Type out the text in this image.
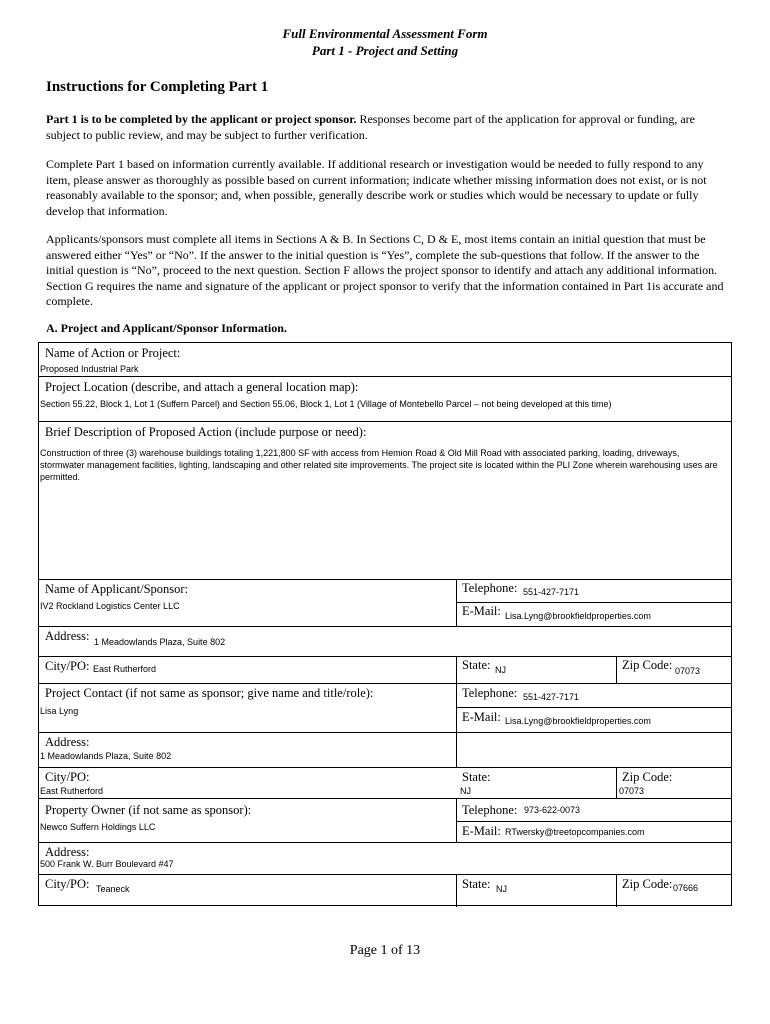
Full Environmental Assessment Form
Part 1 - Project and Setting
Instructions for Completing Part 1
Part 1 is to be completed by the applicant or project sponsor. Responses become part of the application for approval or funding, are subject to public review, and may be subject to further verification.
Complete Part 1 based on information currently available. If additional research or investigation would be needed to fully respond to any item, please answer as thoroughly as possible based on current information; indicate whether missing information does not exist, or is not reasonably available to the sponsor; and, when possible, generally describe work or studies which would be necessary to update or fully develop that information.
Applicants/sponsors must complete all items in Sections A & B. In Sections C, D & E, most items contain an initial question that must be answered either “Yes” or “No”. If the answer to the initial question is “Yes”, complete the sub-questions that follow. If the answer to the initial question is “No”, proceed to the next question. Section F allows the project sponsor to identify and attach any additional information. Section G requires the name and signature of the applicant or project sponsor to verify that the information contained in Part 1is accurate and complete.
A. Project and Applicant/Sponsor Information.
Name of Action or Project:
Proposed Industrial Park
Project Location (describe, and attach a general location map):
Section 55.22, Block 1, Lot 1 (Suffern Parcel) and Section 55.06, Block 1, Lot 1 (Village of Montebello Parcel – not being developed at this time)
Brief Description of Proposed Action (include purpose or need):
Construction of three (3) warehouse buildings totaling 1,221,800 SF with access from Hemion Road & Old Mill Road with associated parking, loading, driveways, stormwater management facilities, lighting, landscaping and other related site improvements. The project site is located within the PLI Zone wherein warehousing uses are permitted.
Name of Applicant/Sponsor:
IV2 Rockland Logistics Center LLC
Telephone: 551-427-7171
E-Mail: Lisa.Lyng@brookfieldproperties.com
Address: 1 Meadowlands Plaza, Suite 802
City/PO: East Rutherford	State: NJ	Zip Code: 07073
Project Contact (if not same as sponsor; give name and title/role):
Lisa Lyng
Telephone: 551-427-7171
E-Mail: Lisa.Lyng@brookfieldproperties.com
Address:
1 Meadowlands Plaza, Suite 802
City/PO:
East Rutherford
State:
NJ
Zip Code:
07073
Property Owner (if not same as sponsor):
Newco Suffern Holdings LLC
Telephone: 973-622-0073
E-Mail: RTwersky@treetopcompanies.com
Address:
500 Frank W. Burr Boulevard #47
City/PO: Teaneck	State: NJ	Zip Code: 07666
Page 1 of 13
